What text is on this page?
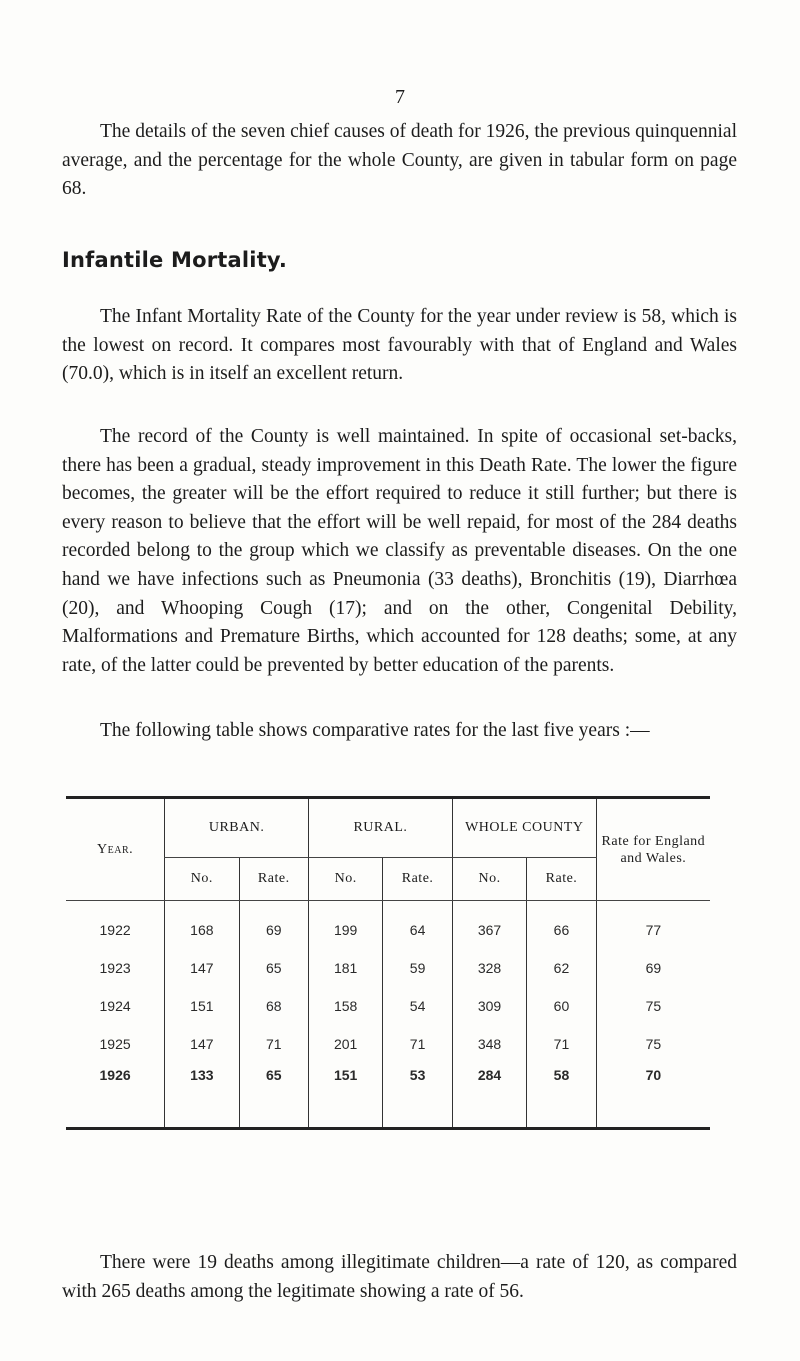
7

The details of the seven chief causes of death for 1926, the previous quinquennial average, and the percentage for the whole County, are given in tabular form on page 68.

Infantile Mortality.

The Infant Mortality Rate of the County for the year under review is 58, which is the lowest on record. It compares most favourably with that of England and Wales (70.0), which is in itself an excellent return.

The record of the County is well maintained. In spite of occasional set-backs, there has been a gradual, steady improvement in this Death Rate. The lower the figure becomes, the greater will be the effort required to reduce it still further; but there is every reason to believe that the effort will be well repaid, for most of the 284 deaths recorded belong to the group which we classify as preventable diseases. On the one hand we have infections such as Pneumonia (33 deaths), Bronchitis (19), Diarrhœa (20), and Whooping Cough (17); and on the other, Congenital Debility, Malformations and Premature Births, which accounted for 128 deaths; some, at any rate, of the latter could be prevented by better education of the parents.

The following table shows comparative rates for the last five years :—

Year.	URBAN.		RURAL.		WHOLE COUNTY		Rate for England and Wales.
	No.	Rate.	No.	Rate.	No.	Rate.	
1922	168	69	199	64	367	66	77
1923	147	65	181	59	328	62	69
1924	151	68	158	54	309	60	75
1925	147	71	201	71	348	71	75
1926	133	65	151	53	284	58	70

There were 19 deaths among illegitimate children—a rate of 120, as compared with 265 deaths among the legitimate showing a rate of 56.
